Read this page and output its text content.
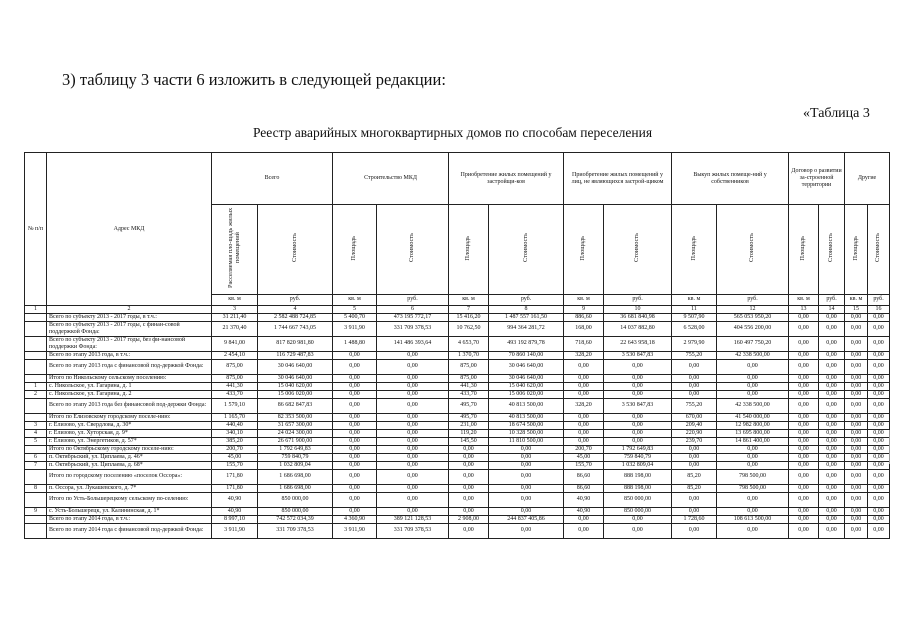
3) таблицу 3 части 6 изложить в следующей редакции:
«Таблица 3
Реестр аварийных многоквартирных домов по способам переселения
№ п/п	Адрес МКД	Всего		Строительство МКД		Приобретение жилых помещений у застройщи-ков		Приобретение жилых помещений у лиц, не являющихся застрой-щиком		Выкуп жилых помеще-ний у собственников		Договор о развитии за-строенной территории		Другие	
		Расселяемая пло-щадь жилых помещений	Стоимость	Площадь	Стоимость	Площадь	Стоимость	Площадь	Стоимость	Площадь	Стоимость	Площадь	Стоимость	Площадь	Стоимость
		кв. м	руб.	кв. м	руб.	кв. м	руб.	кв. м	руб.	кв. м	руб.	кв. м	руб.	кв. м	руб.
1	2	3	4	5	6	7	8	9	10	11	12	13	14	15	16
	Всего по субъекту 2013 - 2017 годы, в т.ч.:	31 211,40	2 582 488 724,85	5 400,70	473 195 772,17	15 416,20	1 487 557 161,50	886,60	36 681 840,98	9 507,90	565 053 950,20	0,00	0,00	0,00	0,00
	Всего по субъекту 2013 - 2017 годы, с финан-совой поддержкой Фонда:	21 370,40	1 744 667 743,05	3 911,90	331 709 378,53	10 762,50	994 364 281,72	168,00	14 037 882,80	6 528,00	404 556 200,00	0,00	0,00	0,00	0,00
	Всего по субъекту 2013 - 2017 годы, без фи-нансовой поддержки Фонда:	9 841,00	817 820 981,80	1 488,80	141 486 393,64	4 653,70	493 192 879,78	718,60	22 643 958,18	2 979,90	160 497 750,20	0,00	0,00	0,00	0,00
	Всего по этапу 2013 года, в т.ч.:	2 454,10	116 729 487,83	0,00	0,00	1 370,70	70 860 140,00	328,20	3 530 847,83	755,20	42 338 500,00	0,00	0,00	0,00	0,00
	Всего по этапу 2013 года с финансовой под-держкой Фонда:	875,00	30 046 640,00	0,00	0,00	875,00	30 046 640,00	0,00	0,00	0,00	0,00	0,00	0,00	0,00	0,00
	Итого по Никольскому сельскому поселению:	875,00	30 046 640,00	0,00	0,00	875,00	30 046 640,00	0,00	0,00	0,00	0,00	0,00	0,00	0,00	0,00
1	с. Никольское, ул. Гагарина, д. 1	441,30	15 040 620,00	0,00	0,00	441,30	15 040 620,00	0,00	0,00	0,00	0,00	0,00	0,00	0,00	0,00
2	с. Никольское, ул. Гагарина, д. 2	433,70	15 006 020,00	0,00	0,00	433,70	15 006 020,00	0,00	0,00	0,00	0,00	0,00	0,00	0,00	0,00
	Всего по этапу 2013 года без финансовой под-держки Фонда:	1 579,10	86 682 847,83	0,00	0,00	495,70	40 813 500,00	328,20	3 530 847,83	755,20	42 338 500,00	0,00	0,00	0,00	0,00
	Итого по Елизовскому городскому поселе-нию:	1 165,70	82 353 500,00	0,00	0,00	495,70	40 813 500,00	0,00	0,00	670,00	41 540 000,00	0,00	0,00	0,00	0,00
3	г. Елизово, ул. Свердлова, д. 30*	440,40	31 657 300,00	0,00	0,00	231,00	18 674 500,00	0,00	0,00	209,40	12 982 800,00	0,00	0,00	0,00	0,00
4	г. Елизово, ул. Хуторская, д. 9*	340,10	24 024 300,00	0,00	0,00	119,20	10 328 500,00	0,00	0,00	220,90	13 695 800,00	0,00	0,00	0,00	0,00
5	г. Елизово, ул. Энергетиков, д. 57*	385,20	26 671 900,00	0,00	0,00	145,50	11 810 500,00	0,00	0,00	239,70	14 861 400,00	0,00	0,00	0,00	0,00
	Итого по Октябрьскому городскому поселе-нию:	200,70	1 792 649,83	0,00	0,00	0,00	0,00	200,70	1 792 649,83	0,00	0,00	0,00	0,00	0,00	0,00
6	п. Октябрьский, ул. Циплаева, д. 46*	45,00	759 840,79	0,00	0,00	0,00	0,00	45,00	759 840,79	0,00	0,00	0,00	0,00	0,00	0,00
7	п. Октябрьский, ул. Циплаева, д. 68*	155,70	1 032 809,04	0,00	0,00	0,00	0,00	155,70	1 032 809,04	0,00	0,00	0,00	0,00	0,00	0,00
	Итого по городскому поселению «поселок Оссора»:	171,80	1 686 698,00	0,00	0,00	0,00	0,00	86,60	888 198,00	85,20	798 500,00	0,00	0,00	0,00	0,00
8	п. Оссора, ул. Лукашевского, д. 7*	171,80	1 686 698,00	0,00	0,00	0,00	0,00	86,60	888 198,00	85,20	798 500,00	0,00	0,00	0,00	0,00
	Итого по Усть-Большерецкому сельскому по-селению:	40,90	850 000,00	0,00	0,00	0,00	0,00	40,90	850 000,00	0,00	0,00	0,00	0,00	0,00	0,00
9	с. Усть-Большерецк, ул. Калининская, д. 1*	40,90	850 000,00	0,00	0,00	0,00	0,00	40,90	850 000,00	0,00	0,00	0,00	0,00	0,00	0,00
	Всего по этапу 2014 года, в т.ч.:	8 997,10	742 572 034,39	4 360,90	389 121 128,53	2 908,00	244 837 405,86	0,00	0,00	1 728,60	108 613 500,00	0,00	0,00	0,00	0,00
	Всего по этапу 2014 года с финансовой под-держкой Фонда:	3 911,90	331 709 378,53	3 911,90	331 709 378,53	0,00	0,00	0,00	0,00	0,00	0,00	0,00	0,00	0,00	0,00
